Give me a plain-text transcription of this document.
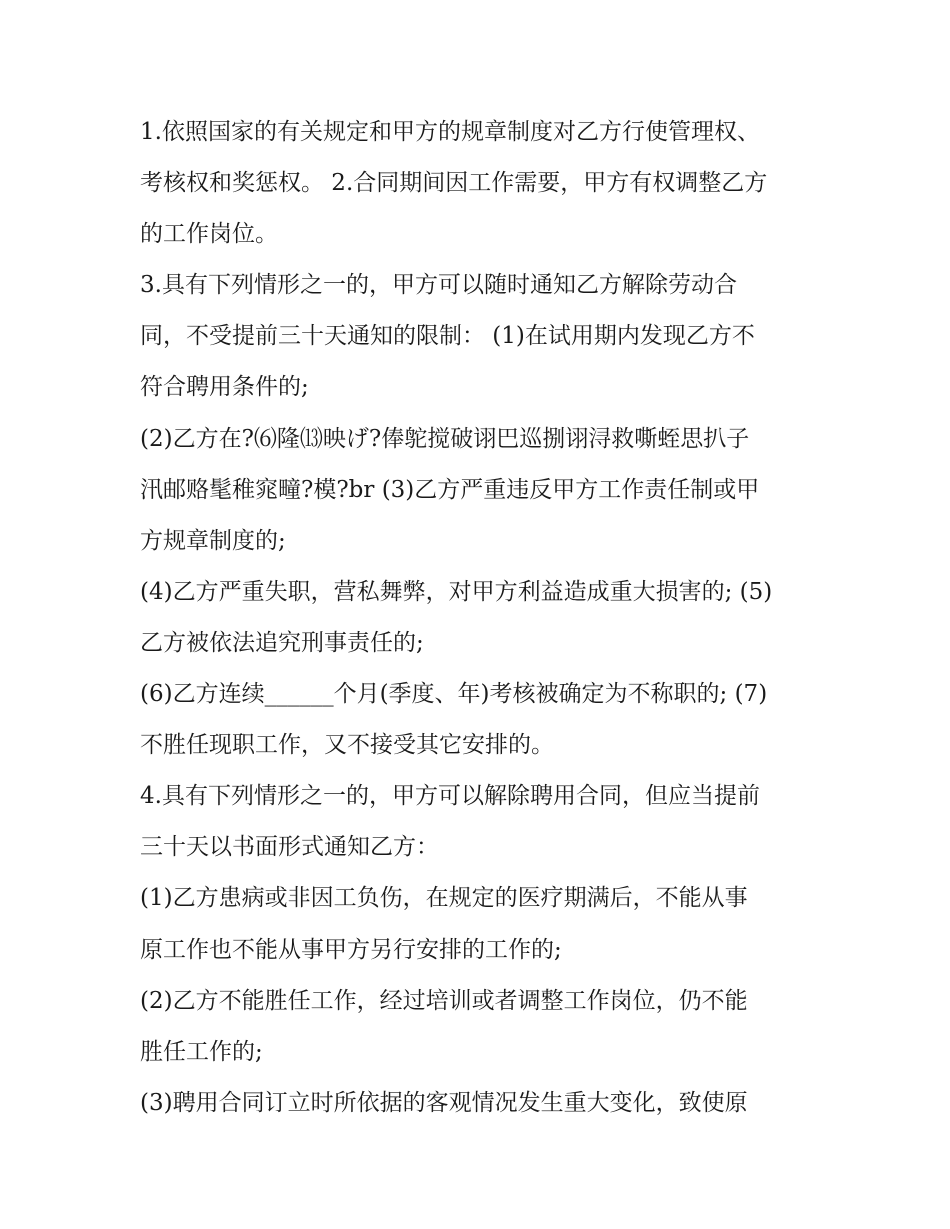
1.依照国家的有关规定和甲方的规章制度对乙方行使管理权、
考核权和奖惩权。 2.合同期间因工作需要，甲方有权调整乙方
的工作岗位。
3.具有下列情形之一的，甲方可以随时通知乙方解除劳动合
同，不受提前三十天通知的限制： (1)在试用期内发现乙方不
符合聘用条件的;
(2)乙方在?⑹隆⒀映げ?俸鸵搅破诩巴巡捌诩浔救嘶蛭思扒子
汛邮赂髦稚窕疃?模?br (3)乙方严重违反甲方工作责任制或甲
方规章制度的;
(4)乙方严重失职，营私舞弊，对甲方利益造成重大损害的; (5)
乙方被依法追究刑事责任的;
(6)乙方连续______个月(季度、年)考核被确定为不称职的; (7)
不胜任现职工作，又不接受其它安排的。
4.具有下列情形之一的，甲方可以解除聘用合同，但应当提前
三十天以书面形式通知乙方：
(1)乙方患病或非因工负伤，在规定的医疗期满后，不能从事
原工作也不能从事甲方另行安排的工作的;
(2)乙方不能胜任工作，经过培训或者调整工作岗位，仍不能
胜任工作的;
(3)聘用合同订立时所依据的客观情况发生重大变化，致使原
